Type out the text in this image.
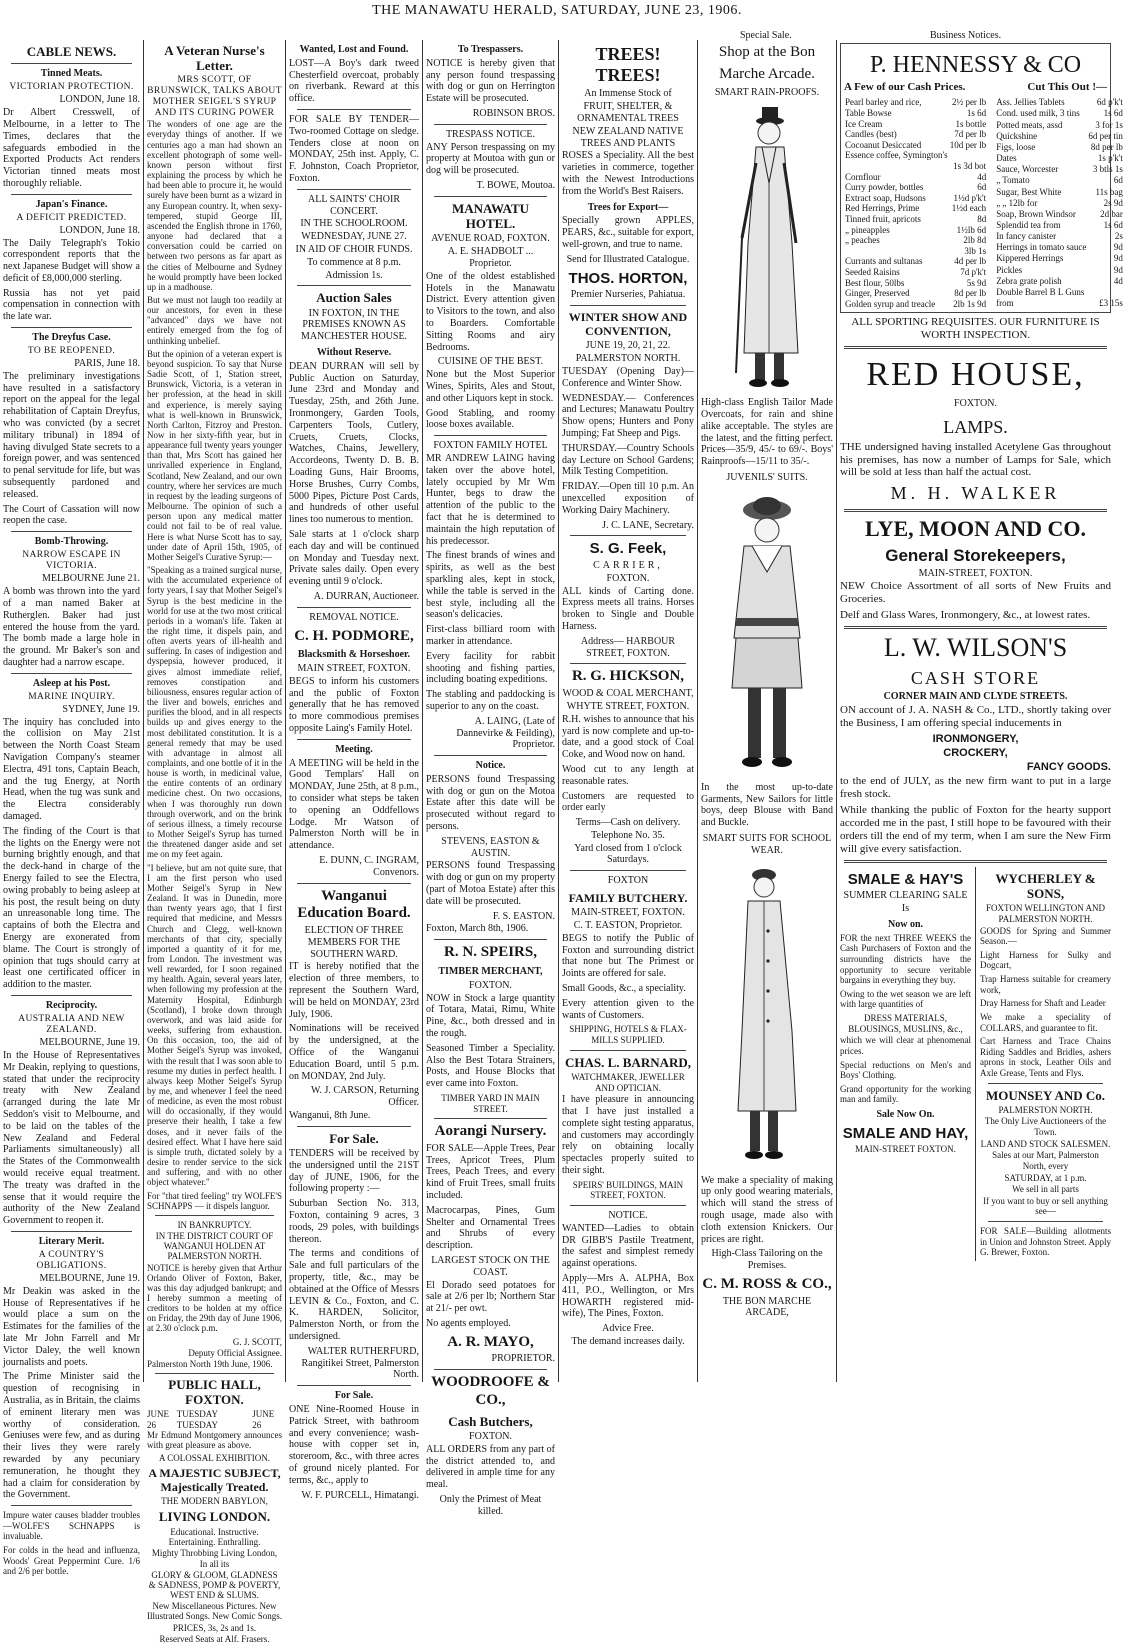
THE MANAWATU HERALD, SATURDAY, JUNE 23, 1906.
Special Sale.	Business Notices.
CABLE NEWS.
Tinned Meats.
VICTORIAN PROTECTION.
LONDON, June 18.

Dr Albert Cresswell, of Melbourne, in a letter to The Times, declares that the safeguards embodied in the Exported Products Act renders Victorian tinned meats most thoroughly reliable.

Japan's Finance.
A DEFICIT PREDICTED.
LONDON, June 18.

The Daily Telegraph's Tokio correspondent reports that the next Japanese Budget will show a deficit of £8,000,000 sterling.

Russia has not yet paid compensation in connection with the late war.

The Dreyfus Case.
TO BE REOPENED.
PARIS, June 18.

The preliminary investigations have resulted in a satisfactory report on the appeal for the legal rehabilitation of Captain Dreyfus, who was convicted (by a secret military tribunal) in 1894 of having divulged State secrets to a foreign power, and was sentenced to penal servitude for life, but was subsequently pardoned and released.

The Court of Cassation will now reopen the case.

Bomb-Throwing.
NARROW ESCAPE IN VICTORIA.
MELBOURNE June 21.

A bomb was thrown into the yard of a man named Baker at Rutherglen. Baker had just entered the house from the yard. The bomb made a large hole in the ground. Mr Baker's son and daughter had a narrow escape.

Asleep at his Post.
MARINE INQUIRY.
SYDNEY, June 19.

The inquiry has concluded into the collision on May 21st between the North Coast Steam Navigation Company's steamer Electra, 491 tons, Captain Beach, and the tug Energy, at North Head, when the tug was sunk and the Electra considerably damaged.

The finding of the Court is that the lights on the Energy were not burning brightly enough, and that the deck-hand in charge of the Energy failed to see the Electra, owing probably to being asleep at his post, the result being on duty an unreasonable long time. The captains of both the Electra and Energy are exonerated from blame. The Court is strongly of opinion that tugs should carry at least one certificated officer in addition to the master.

Reciprocity.
AUSTRALIA AND NEW ZEALAND.
MELBOURNE, June 19.

In the House of Representatives Mr Deakin, replying to questions, stated that under the reciprocity treaty with New Zealand (arranged during the late Mr Seddon's visit to Melbourne, and to be laid on the tables of the New Zealand and Federal Parliaments simultaneously) all the States of the Commonwealth would receive equal treatment. The treaty was drafted in the sense that it would require the authority of the New Zealand Government to reopen it.

Literary Merit.
A COUNTRY'S OBLIGATIONS.
MELBOURNE, June 19.

Mr Deakin was asked in the House of Representatives if he would place a sum on the Estimates for the families of the late Mr John Farrell and Mr Victor Daley, the well known journalists and poets.

The Prime Minister said the question of recognising in Australia, as in Britain, the claims of eminent literary men was worthy of consideration. Geniuses were few, and as during their lives they were rarely rewarded by any pecuniary remuneration, he thought they had a claim for consideration by the Government.

Impure water causes bladder troubles —WOLFE'S SCHNAPPS is invaluable.

For colds in the head and influenza, Woods' Great Peppermint Cure. 1/6 and 2/6 per bottle.

A Veteran Nurse's Letter.
MRS SCOTT, OF BRUNSWICK, TALKS ABOUT MOTHER SEIGEL'S SYRUP AND ITS CURING POWER

The wonders of one age are the everyday things of another. If we centuries ago a man had shown an excellent photograph of some well-known person without first explaining the process by which he had been able to procure it, he would surely have been burnt as a wizard in any European country. It, when sexy-tempered, stupid George III, ascended the English throne in 1760, anyone had declared that a conversation could be carried on between two persons as far apart as the cities of Melbourne and Sydney he would promptly have been locked up in a madhouse.

But we must not laugh too readily at our ancestors, for even in these "advanced" days we have not entirely emerged from the fog of unthinking unbelief.

But the opinion of a veteran expert is beyond suspicion. To say that Nurse Sadie Scott, of 1, Station street, Brunswick, Victoria, is a veteran in her profession, at the head in skill and experience, is merely saying what is well-known in Brunswick, North Carlton, Fitzroy and Preston. Now in her sixty-fifth year, but in appearance full twenty years younger than that, Mrs Scott has gained her unrivalled experience in England, Scotland, New Zealand, and our own country, where her services are much in request by the leading surgeons of Melbourne. The opinion of such a person upon any medical matter could not fail to be of real value. Here is what Nurse Scott has to say, under date of April 15th, 1905, of Mother Seigel's Curative Syrup:—

"Speaking as a trained surgical nurse, with the accumulated experience of forty years, I say that Mother Seigel's Syrup is the best medicine in the world for use at the two most critical periods in a woman's life. Taken at the right time, it dispels pain, and often averts years of ill-health and suffering. In cases of indigestion and dyspepsia, however produced, it gives almost immediate relief, removes constipation and biliousness, ensures regular action of the liver and bowels, enriches and purifies the blood, and in all respects builds up and gives energy to the most debilitated constitution. It is a general remedy that may be used with advantage in almost all complaints, and one bottle of it in the house is worth, in medicinal value, the entire contents of an ordinary medicine chest. On two occasions, when I was thoroughly run down through overwork, and on the brink of serious illness, a timely recourse to Mother Seigel's Syrup has turned the threatened danger aside and set me on my feet again.

"I believe, but am not quite sure, that I am the first person who used Mother Seigel's Syrup in New Zealand. It was in Dunedin, more than twenty years ago, that I first required that medicine, and Messrs Church and Clegg, well-known merchants of that city, specially imported a quantity of it for me, from London. The investment was well rewarded, for I soon regained my health. Again, several years later, when following my profession at the Maternity Hospital, Edinburgh (Scotland), I broke down through overwork, and was laid aside for weeks, suffering from exhaustion. On this occasion, too, the aid of Mother Seigel's Syrup was invoked, with the result that I was soon able to resume my duties in perfect health. I always keep Mother Seigel's Syrup by me, and whenever I feel the need of medicine, as even the most robust will do occasionally, if they would preserve their health, I take a few doses, and it never fails of the desired effect. What I have here said is simple truth, dictated solely by a desire to render service to the sick and suffering, and with no other object whatever."

For "that tired feeling" try WOLFE'S SCHNAPPS — it dispels languor.

IN BANKRUPTCY.
IN THE DISTRICT COURT OF WANGANUI HOLDEN AT PALMERSTON NORTH.

NOTICE is hereby given that Arthur Orlando Oliver of Foxton, Baker, was this day adjudged bankrupt; and I hereby summon a meeting of creditors to be holden at my office on Friday, the 29th day of June 1906, at 2.30 o'clock p.m.

G. J. SCOTT,
Deputy Official Assignee.
Palmerston North 19th June, 1906.
PUBLIC HALL, FOXTON.
JUNE 26
TUESDAY TUESDAY
JUNE 26

Mr Edmund Montgomery announces with great pleasure as above.

A COLOSSAL EXHIBITION.
A MAJESTIC SUBJECT, Majestically Treated.
THE MODERN BABYLON,
LIVING LONDON.
Educational. Instructive. Entertaining. Enthralling.
Mighty Throbbing Living London, In all its
GLORY & GLOOM, GLADNESS & SADNESS, POMP & POVERTY, WEST END & SLUMS.
New Miscellaneous Pictures. New Illustrated Songs. New Comic Songs.
PRICES, 3s, 2s and 1s.
Reserved Seats at Alf. Frasers.
Wanted, Lost and Found.

LOST—A Boy's dark tweed Chesterfield overcoat, probably on riverbank. Reward at this office.

FOR SALE BY TENDER—Two-roomed Cottage on sledge. Tenders close at noon on MONDAY, 25th inst. Apply, C. F. Johnston, Coach Proprietor, Foxton.

ALL SAINTS' CHOIR CONCERT.
IN THE SCHOOLROOM.
WEDNESDAY, JUNE 27.
IN AID OF CHOIR FUNDS.
To commence at 8 p.m.
Admission 1s.
Auction Sales
IN FOXTON, IN THE PREMISES KNOWN AS MANCHESTER HOUSE.
Without Reserve.

DEAN DURRAN will sell by Public Auction on Saturday, June 23rd and Monday and Tuesday, 25th, and 26th June. Ironmongery, Garden Tools, Carpenters Tools, Cutlery, Cruets, Cruets, Clocks, Watches, Chains, Jewellery, Accordeons, Twenty D. B. B. Loading Guns, Hair Brooms, Horse Brushes, Curry Combs, 5000 Pipes, Picture Post Cards, and hundreds of other useful lines too numerous to mention.

Sale starts at 1 o'clock sharp each day and will be continued on Monday and Tuesday next. Private sales daily. Open every evening until 9 o'clock.

A. DURRAN, Auctioneer.
REMOVAL NOTICE.
C. H. PODMORE,
Blacksmith & Horseshoer.
MAIN STREET, FOXTON.

BEGS to inform his customers and the public of Foxton generally that he has removed to more commodious premises opposite Laing's Family Hotel.

Meeting.

A MEETING will be held in the Good Templars' Hall on MONDAY, June 25th, at 8 p.m., to consider what steps be taken to opening an Oddfellows Lodge. Mr Watson of Palmerston North will be in attendance.

E. DUNN, C. INGRAM, Convenors.
Wanganui Education Board.
ELECTION OF THREE MEMBERS FOR THE SOUTHERN WARD.

IT is hereby notified that the election of three members, to represent the Southern Ward, will be held on MONDAY, 23rd July, 1906.

Nominations will be received by the undersigned, at the Office of the Wanganui Education Board, until 5 p.m. on MONDAY, 2nd July.

W. J. CARSON, Returning Officer.
Wanganui, 8th June.
For Sale.

TENDERS will be received by the undersigned until the 21ST day of JUNE, 1906, for the following property :—

Suburban Section No. 313, Foxton, containing 9 acres, 3 roods, 29 poles, with buildings thereon.

The terms and conditions of Sale and full particulars of the property, title, &c., may be obtained at the Office of Messrs LEVIN & Co., Foxton, and C. K. HARDEN, Solicitor, Palmerston North, or from the undersigned.

WALTER RUTHERFURD, Rangitikei Street, Palmerston North.
For Sale.

ONE Nine-Roomed House in Patrick Street, with bathroom and every convenience; wash-house with copper set in, storeroom, &c., with three acres of ground nicely planted. For terms, &c., apply to

W. F. PURCELL, Himatangi.
To Trespassers.

NOTICE is hereby given that any person found trespassing with dog or gun on Herrington Estate will be prosecuted.

ROBINSON BROS.
TRESPASS NOTICE.

ANY Person trespassing on my property at Moutoa with gun or dog will be prosecuted.

T. BOWE, Moutoa.
MANAWATU HOTEL.
AVENUE ROAD, FOXTON.
A. E. SHADBOLT ... Proprietor.

One of the oldest established Hotels in the Manawatu District. Every attention given to Visitors to the town, and also to Boarders. Comfortable Sitting Rooms and airy Bedrooms.

CUISINE OF THE BEST.

None but the Most Superior Wines, Spirits, Ales and Stout, and other Liquors kept in stock.

Good Stabling, and roomy loose boxes available.

FOXTON FAMILY HOTEL

MR ANDREW LAING having taken over the above hotel, lately occupied by Mr Wm Hunter, begs to draw the attention of the public to the fact that he is determined to maintain the high reputation of his predecessor.

The finest brands of wines and spirits, as well as the best sparkling ales, kept in stock, while the table is served in the best style, including all the season's delicacies.

First-class billiard room with marker in attendance.

Every facility for rabbit shooting and fishing parties, including boating expeditions.

The stabling and paddocking is superior to any on the coast.

A. LAING, (Late of Dannevirke & Feilding), Proprietor.
Notice.

PERSONS found Trespassing with dog or gun on the Motoa Estate after this date will be prosecuted without regard to persons.

STEVENS, EASTON & AUSTIN.

PERSONS found Trespassing with dog or gun on my property (part of Motoa Estate) after this date will be prosecuted.

F. S. EASTON.
Foxton, March 8th, 1906.
R. N. SPEIRS,
TIMBER MERCHANT,
FOXTON.

NOW in Stock a large quantity of Totara, Matai, Rimu, White Pine, &c., both dressed and in the rough.

Seasoned Timber a Speciality. Also the Best Totara Strainers, Posts, and House Blocks that ever came into Foxton.

TIMBER YARD IN MAIN STREET.
Aorangi Nursery.

FOR SALE—Apple Trees, Pear Trees, Apricot Trees, Plum Trees, Peach Trees, and every kind of Fruit Trees, small fruits included.

Macrocarpas, Pines, Gum Shelter and Ornamental Trees and Shrubs of every description.

LARGEST STOCK ON THE COAST.

El Dorado seed potatoes for sale at 2/6 per lb; Northern Star at 21/- per owt.

No agents employed.
A. R. MAYO,
PROPRIETOR.
WOODROOFE & CO.,
Cash Butchers,
FOXTON.

ALL ORDERS from any part of the district attended to, and delivered in ample time for any meal.

Only the Primest of Meat killed.
TREES! TREES!
An Immense Stock of
FRUIT, SHELTER, & ORNAMENTAL TREES
NEW ZEALAND NATIVE TREES AND PLANTS

ROSES a Speciality. All the best varieties in commerce, together with the Newest Introductions from the World's Best Raisers.

Trees for Export—

Specially grown APPLES, PEARS, &c., suitable for export, well-grown, and true to name.

Send for Illustrated Catalogue.
THOS. HORTON,
Premier Nurseries, Pahiatua.
WINTER SHOW AND CONVENTION,
JUNE 19, 20, 21, 22.
PALMERSTON NORTH.

TUESDAY (Opening Day)—Conference and Winter Show.

WEDNESDAY.— Conferences and Lectures; Manawatu Poultry Show opens; Hunters and Pony Jumping; Fat Sheep and Pigs.

THURSDAY.—Country Schools day Lecture on School Gardens; Milk Testing Competition.

FRIDAY.—Open till 10 p.m. An unexcelled exposition of Working Dairy Machinery.

J. C. LANE, Secretary.
S. G. Feek,
CARRIER,
FOXTON.

ALL kinds of Carting done. Express meets all trains. Horses broken to Single and Double Harness.

Address— HARBOUR STREET, FOXTON.
R. G. HICKSON,
WOOD & COAL MERCHANT,
WHYTE STREET, FOXTON.

R.H. wishes to announce that his yard is now complete and up-to-date, and a good stock of Coal Coke, and Wood now on hand.

Wood cut to any length at reasonable rates.

Customers are requested to order early

Terms—Cash on delivery.
Telephone No. 35.
Yard closed from 1 o'clock Saturdays.
FOXTON
FAMILY BUTCHERY.
MAIN-STREET, FOXTON.
C. T. EASTON, Proprietor.

BEGS to notify the Public of Foxton and surrounding district that none but The Primest or Joints are offered for sale.

Small Goods, &c., a speciality.

Every attention given to the wants of Customers.

SHIPPING, HOTELS & FLAX-MILLS SUPPLIED.
CHAS. L. BARNARD,
WATCHMAKER, JEWELLER AND OPTICIAN.

I have pleasure in announcing that I have just installed a complete sight testing apparatus, and customers may accordingly rely on obtaining locally spectacles properly suited to their sight.

SPEIRS' BUILDINGS, MAIN STREET, FOXTON.
NOTICE.

WANTED—Ladies to obtain DR GIBB'S Pastile Treatment, the safest and simplest remedy against operations.

Apply—Mrs A. ALPHA, Box 411, P.O., Wellington, or Mrs HOWARTH registered mid-wife), The Pines, Foxton.

Advice Free.
The demand increases daily.
Shop at the Bon
Marche Arcade.
SMART RAIN-PROOFS.

High-class English Tailor Made Overcoats, for rain and shine alike acceptable. The styles are the latest, and the fitting perfect. Prices—35/9, 45/- to 69/-. Boys' Rainproofs—15/11 to 35/-.

JUVENILS' SUITS.

In the most up-to-date Garments, New Sailors for little boys, deep Blouse with Band and Buckle.

SMART SUITS FOR SCHOOL WEAR.

We make a speciality of making up only good wearing materials, which will stand the stress of rough usage, made also with cloth extension Knickers. Our prices are right.

High-Class Tailoring on the Premises.
C. M. ROSS & CO.,
THE BON MARCHE ARCADE,
P. HENNESSY & CO
A Few of our Cash Prices.	Cut This Out !—
Pearl barley and rice,	2½ per lb
Table Bowse	1s 6d
Ice Cream	1s bottle
Candles (best)	7d per lb
Cocoanut Desiccated	10d per lb
Essence coffee, Symington's	
	1s 3d bot
Cornflour	4d
Curry powder, bottles	6d
Extract soap, Hudsons	1½d p'k't
Red Herrings, Prime	1½d each
Tinned fruit, apricots	8d
„ pineapples	1½lb 6d
„ peaches	2lb 8d
	3lb 1s
Currants and sultanas	4d per lb
Seeded Raisins	7d p'k't
Best flour, 50lbs	5s 9d
Ginger, Preserved	8d per lb
Golden syrup and treacle	2lb 1s 9d
Ass. Jellies Tablets	6d p'k't
Cond. used milk, 3 tins	1s 6d
Potted meats, assd	3 for 1s
Quickshine	6d per tin
Figs, loose	8d per lb
Dates	1s p'k't
Sauce, Worcester	3 btls 1s
„ Tomato	6d
Sugar, Best White	11s bag
„ „ 12lb for	2s 9d
Soap, Brown Windsor	2d bar
Splendid tea from	1s 6d
In fancy canister	2s
Herrings in tomato sauce	9d
Kippered Herrings	9d
Pickles	9d
Zebra grate polish	4d
Double Barrel B L Guns	
from	£3 15s
ALL SPORTING REQUISITES. OUR FURNITURE IS WORTH INSPECTION.
RED HOUSE,
FOXTON.
LAMPS.

THE undersigned having installed Acetylene Gas throughout his premises, has now a number of Lamps for Sale, which will be sold at less than half the actual cost.

M. H. WALKER
LYE, MOON AND CO.
General Storekeepers,
MAIN-STREET, FOXTON.

NEW Choice Assortment of all sorts of New Fruits and Groceries.

Delf and Glass Wares, Ironmongery, &c., at lowest rates.

L. W. WILSON'S
CASH STORE
CORNER MAIN AND CLYDE STREETS.

ON account of J. A. NASH & Co., LTD., shortly taking over the Business, I am offering special inducements in

IRONMONGERY,
CROCKERY,
FANCY GOODS.

to the end of JULY, as the new firm want to put in a large fresh stock.

While thanking the public of Foxton for the hearty support accorded me in the past, I still hope to be favoured with their orders till the end of my term, when I am sure the New Firm will give every satisfaction.

SMALE & HAY'S
SUMMER CLEARING SALE
Is
Now on.

FOR the next THREE WEEKS the Cash Purchasers of Foxton and the surrounding districts have the opportunity to secure veritable bargains in everything they buy.

Owing to the wet season we are left with large quantities of

DRESS MATERIALS, BLOUSINGS, MUSLINS, &c.,

which we will clear at phenomenal prices.

Special reductions on Men's and Boys' Clothing.

Grand opportunity for the working man and family.

Sale Now On.
SMALE AND HAY,
MAIN-STREET FOXTON.
WYCHERLEY & SONS,
FOXTON WELLINGTON AND PALMERSTON NORTH.

GOODS for Spring and Summer Season.—

Light Harness for Sulky and Dogcart,

Trap Harness suitable for creamery work,

Dray Harness for Shaft and Leader

We make a speciality of COLLARS, and guarantee to fit.

Cart Harness and Trace Chains Riding Saddles and Bridles, ashers aprons in stock, Leather Oils and Axle Grease, Tents and Flys.

MOUNSEY AND Co.
PALMERSTON NORTH.
The Only Live Auctioneers of the Town.
LAND AND STOCK SALESMEN.
Sales at our Mart, Palmerston North, every
SATURDAY, at 1 p.m.
We sell in all parts
If you want to buy or sell anything see—

FOR SALE—Building allotments in Union and Johnston Street. Apply G. Brewer, Foxton.
